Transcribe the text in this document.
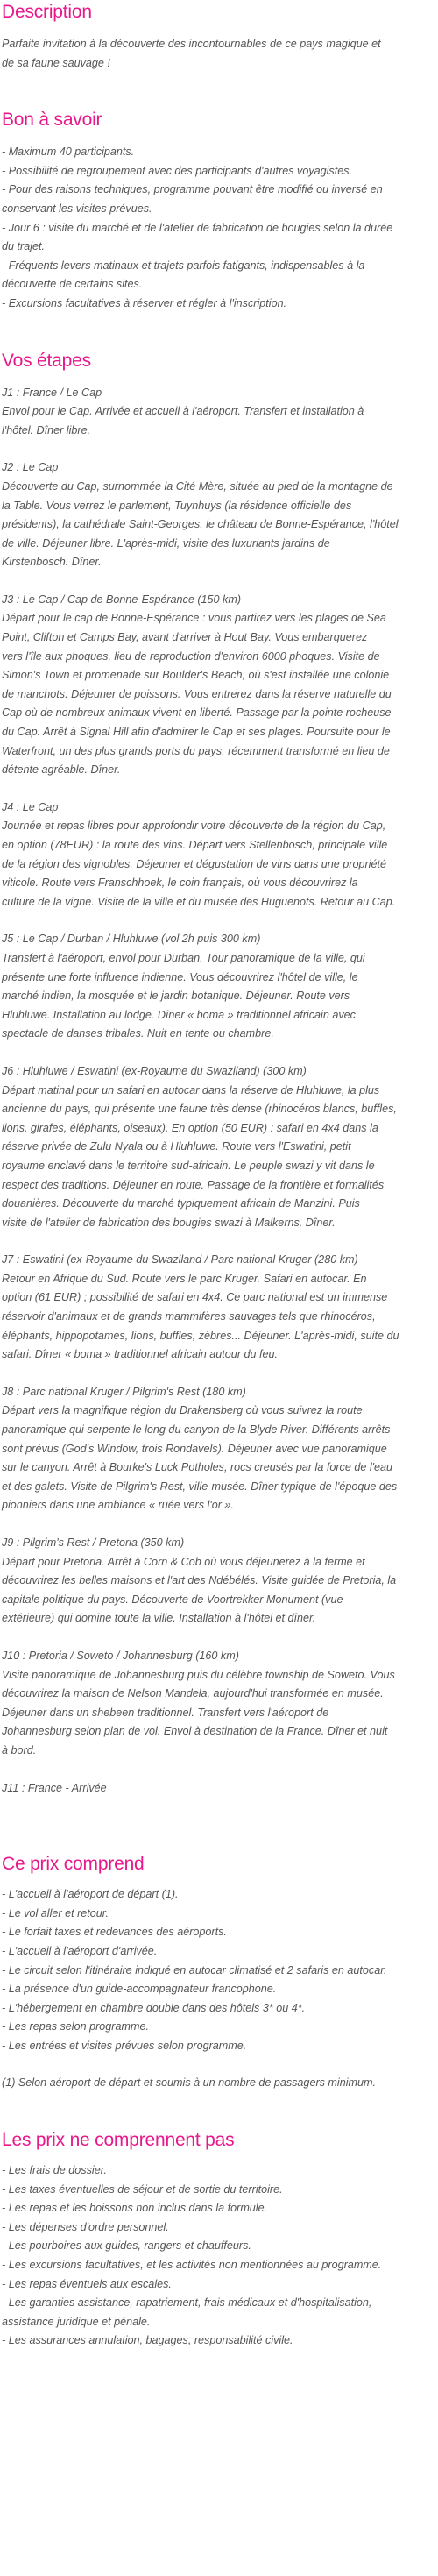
Description

Parfaite invitation à la découverte des incontournables de ce pays magique et

de sa faune sauvage !

Bon à savoir

- Maximum 40 participants.

- Possibilité de regroupement avec des participants d'autres voyagistes.

- Pour des raisons techniques, programme pouvant être modifié ou inversé en

conservant les visites prévues.

- Jour 6 : visite du marché et de l'atelier de fabrication de bougies selon la durée

du trajet.

- Fréquents levers matinaux et trajets parfois fatigants, indispensables à la

découverte de certains sites.

- Excursions facultatives à réserver et régler à l'inscription.

Vos étapes

J1 : France / Le Cap

Envol pour le Cap. Arrivée et accueil à l'aéroport. Transfert et installation à

l'hôtel. Dîner libre.

J2 : Le Cap

Découverte du Cap, surnommée la Cité Mère, située au pied de la montagne de

la Table. Vous verrez le parlement, Tuynhuys (la résidence officielle des

présidents), la cathédrale Saint-Georges, le château de Bonne-Espérance, l'hôtel

de ville. Déjeuner libre. L'après-midi, visite des luxuriants jardins de

Kirstenbosch. Dîner.

J3 : Le Cap / Cap de Bonne-Espérance (150 km)

Départ pour le cap de Bonne-Espérance : vous partirez vers les plages de Sea

Point, Clifton et Camps Bay, avant d'arriver à Hout Bay. Vous embarquerez

vers l'île aux phoques, lieu de reproduction d'environ 6000 phoques. Visite de

Simon's Town et promenade sur Boulder's Beach, où s'est installée une colonie

de manchots. Déjeuner de poissons. Vous entrerez dans la réserve naturelle du

Cap où de nombreux animaux vivent en liberté. Passage par la pointe rocheuse

du Cap. Arrêt à Signal Hill afin d'admirer le Cap et ses plages. Poursuite pour le

Waterfront, un des plus grands ports du pays, récemment transformé en lieu de

détente agréable. Dîner.

J4 : Le Cap

Journée et repas libres pour approfondir votre découverte de la région du Cap,

en option (78EUR) : la route des vins. Départ vers Stellenbosch, principale ville

de la région des vignobles. Déjeuner et dégustation de vins dans une propriété

viticole. Route vers Franschhoek, le coin français, où vous découvrirez la

culture de la vigne. Visite de la ville et du musée des Huguenots. Retour au Cap.

J5 : Le Cap / Durban / Hluhluwe (vol 2h puis 300 km)

Transfert à l'aéroport, envol pour Durban. Tour panoramique de la ville, qui

présente une forte influence indienne. Vous découvrirez l'hôtel de ville, le

marché indien, la mosquée et le jardin botanique. Déjeuner. Route vers

Hluhluwe. Installation au lodge. Dîner « boma » traditionnel africain avec

spectacle de danses tribales. Nuit en tente ou chambre.

J6 : Hluhluwe / Eswatini (ex-Royaume du Swaziland) (300 km)

Départ matinal pour un safari en autocar dans la réserve de Hluhluwe, la plus

ancienne du pays, qui présente une faune très dense (rhinocéros blancs, buffles,

lions, girafes, éléphants, oiseaux). En option (50 EUR) : safari en 4x4 dans la

réserve privée de Zulu Nyala ou à Hluhluwe. Route vers l'Eswatini, petit

royaume enclavé dans le territoire sud-africain. Le peuple swazi y vit dans le

respect des traditions. Déjeuner en route. Passage de la frontière et formalités

douanières. Découverte du marché typiquement africain de Manzini. Puis

visite de l'atelier de fabrication des bougies swazi à Malkerns. Dîner.

J7 : Eswatini (ex-Royaume du Swaziland / Parc national Kruger (280 km)

Retour en Afrique du Sud. Route vers le parc Kruger. Safari en autocar. En

option (61 EUR) ; possibilité de safari en 4x4. Ce parc national est un immense

réservoir d'animaux et de grands mammifères sauvages tels que rhinocéros,

éléphants, hippopotames, lions, buffles, zèbres... Déjeuner. L'après-midi, suite du

safari. Dîner « boma » traditionnel africain autour du feu.

J8 : Parc national Kruger / Pilgrim's Rest (180 km)

Départ vers la magnifique région du Drakensberg où vous suivrez la route

panoramique qui serpente le long du canyon de la Blyde River. Différents arrêts

sont prévus (God's Window, trois Rondavels). Déjeuner avec vue panoramique

sur le canyon. Arrêt à Bourke's Luck Potholes, rocs creusés par la force de l'eau

et des galets. Visite de Pilgrim's Rest, ville-musée. Dîner typique de l'époque des

pionniers dans une ambiance « ruée vers l'or ».

J9 : Pilgrim's Rest / Pretoria (350 km)

Départ pour Pretoria. Arrêt à Corn & Cob où vous déjeunerez à la ferme et

découvrirez les belles maisons et l'art des Ndébélés. Visite guidée de Pretoria, la

capitale politique du pays. Découverte de Voortrekker Monument (vue

extérieure) qui domine toute la ville. Installation à l'hôtel et dîner.

J10 : Pretoria / Soweto / Johannesburg (160 km)

Visite panoramique de Johannesburg puis du célèbre township de Soweto. Vous

découvrirez la maison de Nelson Mandela, aujourd'hui transformée en musée.

Déjeuner dans un shebeen traditionnel. Transfert vers l'aéroport de

Johannesburg selon plan de vol. Envol à destination de la France. Dîner et nuit

à bord.

J11 : France - Arrivée

Ce prix comprend

- L'accueil à l'aéroport de départ (1).

- Le vol aller et retour.

- Le forfait taxes et redevances des aéroports.

- L'accueil à l'aéroport d'arrivée.

- Le circuit selon l'itinéraire indiqué en autocar climatisé et 2 safaris en autocar.

- La présence d'un guide-accompagnateur francophone.

- L'hébergement en chambre double dans des hôtels 3* ou 4*.

- Les repas selon programme.

- Les entrées et visites prévues selon programme.

(1) Selon aéroport de départ et soumis à un nombre de passagers minimum.

Les prix ne comprennent pas

- Les frais de dossier.

- Les taxes éventuelles de séjour et de sortie du territoire.

- Les repas et les boissons non inclus dans la formule.

- Les dépenses d'ordre personnel.

- Les pourboires aux guides, rangers et chauffeurs.

- Les excursions facultatives, et les activités non mentionnées au programme.

- Les repas éventuels aux escales.

- Les garanties assistance, rapatriement, frais médicaux et d'hospitalisation,

assistance juridique et pénale.

- Les assurances annulation, bagages, responsabilité civile.
